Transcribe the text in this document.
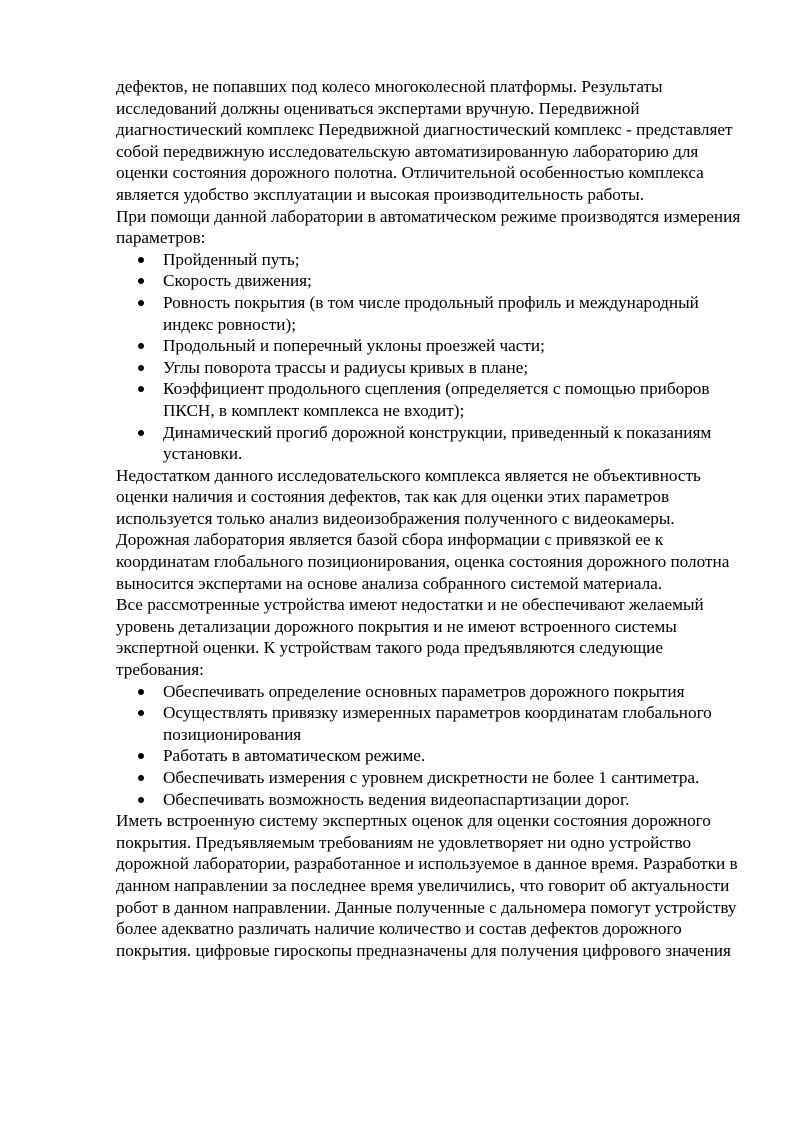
дефектов, не попавших под колесо многоколесной платформы. Результаты исследований должны оцениваться экспертами вручную. Передвижной диагностический комплекс Передвижной диагностический комплекс - представляет собой передвижную исследовательскую автоматизированную лабораторию для оценки состояния дорожного полотна. Отличительной особенностью комплекса является удобство эксплуатации и высокая производительность работы.

При помощи данной лаборатории в автоматическом режиме производятся измерения параметров:

Пройденный путь;
Скорость движения;
Ровность покрытия (в том числе продольный профиль и международный индекс ровности);
Продольный и поперечный уклоны проезжей части;
Углы поворота трассы и радиусы кривых в плане;
Коэффициент продольного сцепления (определяется с помощью приборов ПКСН, в комплект комплекса не входит);
Динамический прогиб дорожной конструкции, приведенный к показаниям установки.

Недостатком данного исследовательского комплекса является не объективность оценки наличия и состояния дефектов, так как для оценки этих параметров используется только анализ видеоизображения полученного с видеокамеры. Дорожная лаборатория является базой сбора информации с привязкой ее к координатам глобального позиционирования, оценка состояния дорожного полотна выносится экспертами на основе анализа собранного системой материала.

Все рассмотренные устройства имеют недостатки и не обеспечивают желаемый уровень детализации дорожного покрытия и не имеют встроенного системы экспертной оценки. К устройствам такого рода предъявляются следующие требования:

Обеспечивать определение основных параметров дорожного покрытия
Осуществлять привязку измеренных параметров координатам глобального позиционирования
Работать в автоматическом режиме.
Обеспечивать измерения с уровнем дискретности не более 1 сантиметра.
Обеспечивать возможность ведения видеопаспартизации дорог.

Иметь встроенную систему экспертных оценок для оценки состояния дорожного покрытия. Предъявляемым требованиям не удовлетворяет ни одно устройство дорожной лаборатории, разработанное и используемое в данное время. Разработки в данном направлении за последнее время увеличились, что говорит об актуальности робот в данном направлении. Данные полученные с дальномера помогут устройству более адекватно различать наличие количество и состав дефектов дорожного покрытия. цифровые гироскопы предназначены для получения цифрового значения
